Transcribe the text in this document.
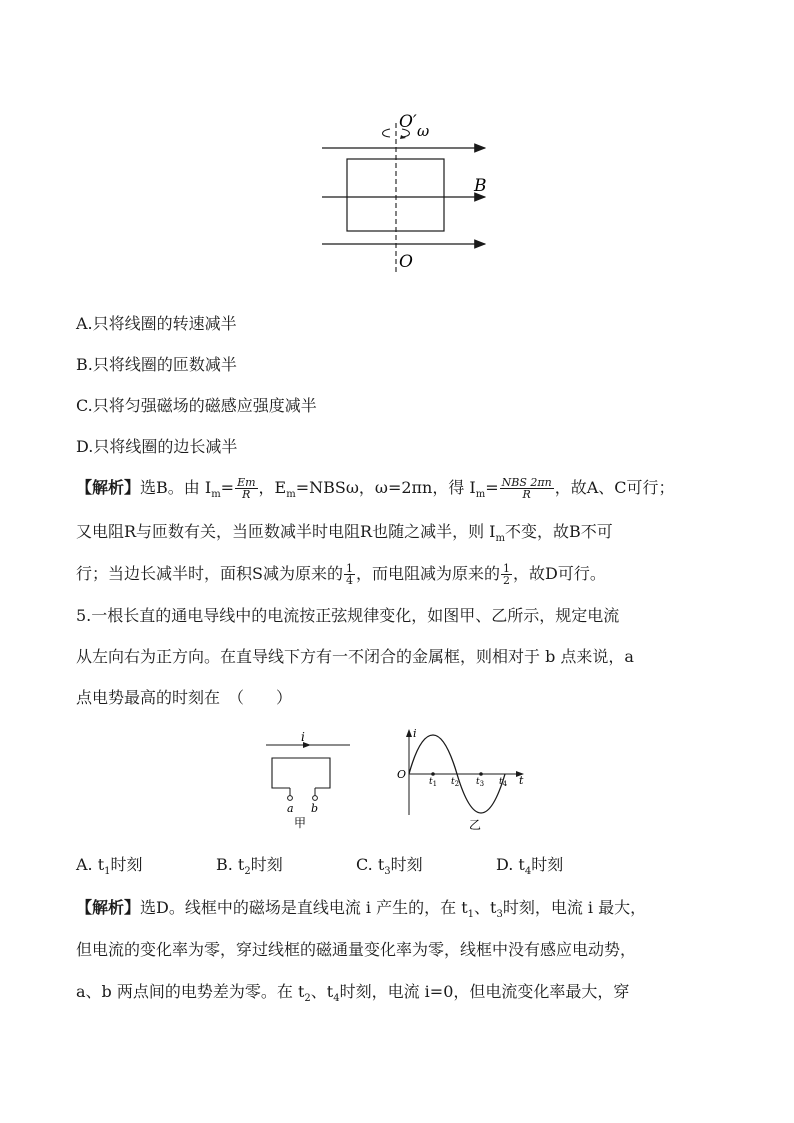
O′ ω
B
O
A.只将线圈的转速减半
B.只将线圈的匝数减半
C.只将匀强磁场的磁感应强度减半
D.只将线圈的边长减半
【解析】选B。由 $I_m= \frac{Em}{R}$ ，$E_m=NBS\omega$，ω=2πn，得 $I_m= \frac{\text{NBS 2πn}}{R}$ ，故A、C可行；
又电阻R与匝数有关，当匝数减半时电阻R也随之减半，则 $I_m$不变，故B不可
行；当边长减半时，面积S减为原来的 $\frac{1}{4}$ ，而电阻减为原来的 $\frac{1}{2}$ ，故D可行。
5.一根长直的通电导线中的电流按正弦规律变化，如图甲、乙所示，规定电流
从左向右为正方向。在直导线下方有一不闭合的金属框，则相对于 b 点来说，a
点电势最高的时刻在　（　　）
i
a b
甲
i
O	t
$t_1$ $t_2$ $t_3$ $t_4$
乙
A. $t_1$时刻	B. $t_2$时刻	C. $t_3$时刻	D. $t_4$时刻
【解析】选D。线框中的磁场是直线电流 i 产生的，在 $t_1$、$t_3$时刻，电流 i 最大，
但电流的变化率为零，穿过线框的磁通量变化率为零，线框中没有感应电动势，
a、b 两点间的电势差为零。在 $t_2$、$t_4$时刻，电流 i=0，但电流变化率最大，穿
